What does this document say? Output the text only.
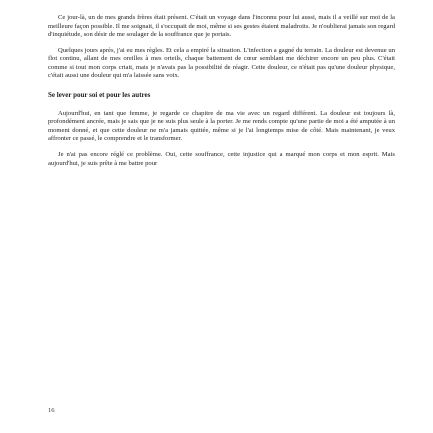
Ce jour-là, un de mes grands frères était présent. C'était un voyage dans l'inconnu pour lui aussi, mais il a veillé sur moi de la meilleure façon possible. Il me soignait, il s'occupait de moi, même si ses gestes étaient maladroits. Je n'oublierai jamais son regard d'inquiétude, son désir de me soulager de la souffrance que je portais.

Quelques jours après, j'ai eu mes règles. Et cela a empiré la situation. L'infection a gagné du terrain. La douleur est devenue un flot continu, allant de mes oreilles à mes orteils, chaque battement de cœur semblant me déchirer encore un peu plus. C'était comme si tout mon corps criait, mais je n'avais pas la possibilité de réagir. Cette douleur, ce n'était pas qu'une douleur physique, c'était aussi une douleur qui m'a laissée sans voix.

Se lever pour soi et pour les autres

Aujourd'hui, en tant que femme, je regarde ce chapitre de ma vie avec un regard différent. La douleur est toujours là, profondément ancrée, mais je sais que je ne suis plus seule à la porter. Je me rends compte qu'une partie de moi a été amputée à un moment donné, et que cette douleur ne m'a jamais quittée, même si je l'ai longtemps mise de côté. Mais maintenant, je veux affronter ce passé, le comprendre et le transformer.

Je n'ai pas encore réglé ce problème. Oui, cette souffrance, cette injustice qui a marqué mon corps et mon esprit. Mais aujourd'hui, je suis prête à me battre pour

16
